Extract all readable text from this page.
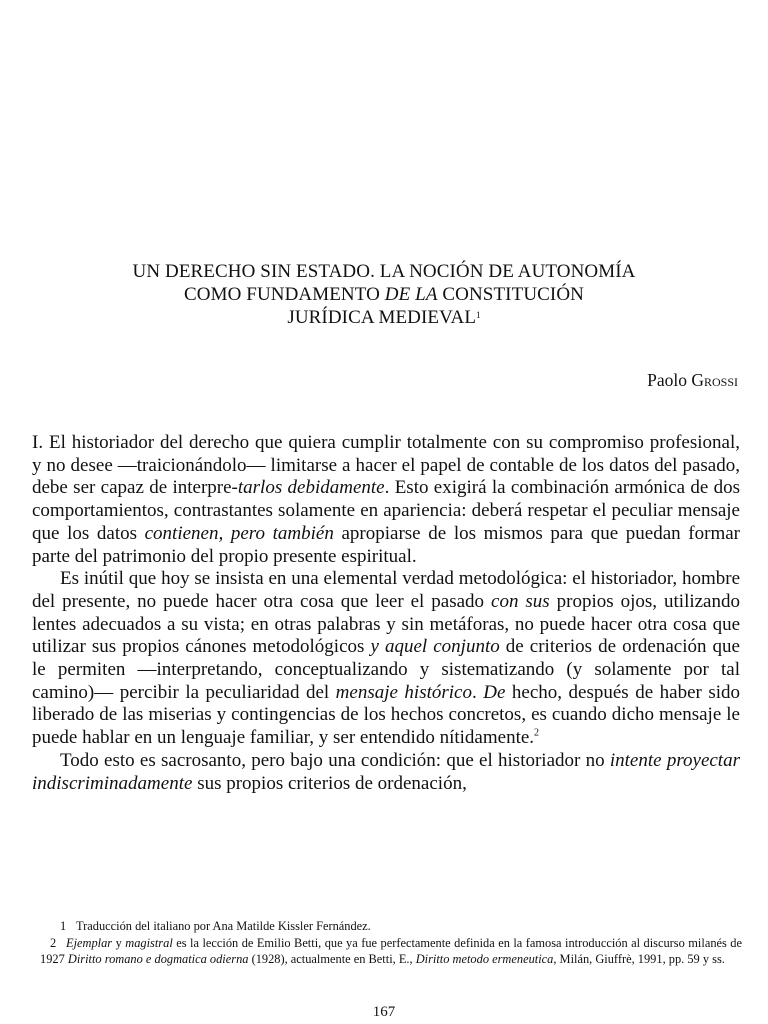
UN DERECHO SIN ESTADO. LA NOCIÓN DE AUTONOMÍA
COMO FUNDAMENTO DE LA CONSTITUCIÓN
JURÍDICA MEDIEVAL$^1$
Paolo Grossi

I. El historiador del derecho que quiera cumplir totalmente con su compromiso profesional, y no desee —traicionándolo— limitarse a hacer el papel de contable de los datos del pasado, debe ser capaz de interpre-tarlos debidamente. Esto exigirá la combinación armónica de dos comportamientos, contrastantes solamente en apariencia: deberá respetar el peculiar mensaje que los datos contienen, pero también apropiarse de los mismos para que puedan formar parte del patrimonio del propio presente espiritual.

Es inútil que hoy se insista en una elemental verdad metodológica: el historiador, hombre del presente, no puede hacer otra cosa que leer el pasado con sus propios ojos, utilizando lentes adecuados a su vista; en otras palabras y sin metáforas, no puede hacer otra cosa que utilizar sus propios cánones metodológicos y aquel conjunto de criterios de ordenación que le permiten —interpretando, conceptualizando y sistematizando (y solamente por tal camino)— percibir la peculiaridad del mensaje histórico. De hecho, después de haber sido liberado de las miserias y contingencias de los hechos concretos, es cuando dicho mensaje le puede hablar en un lenguaje familiar, y ser entendido nítidamente.$^2$

Todo esto es sacrosanto, pero bajo una condición: que el historiador no intente proyectar indiscriminadamente sus propios criterios de ordenación,

1 Traducción del italiano por Ana Matilde Kissler Fernández.

2 Ejemplar y magistral es la lección de Emilio Betti, que ya fue perfectamente definida en la famosa introducción al discurso milanés de 1927 Diritto romano e dogmatica odierna (1928), actualmente en Betti, E., Diritto metodo ermeneutica, Milán, Giuffrè, 1991, pp. 59 y ss.

167
